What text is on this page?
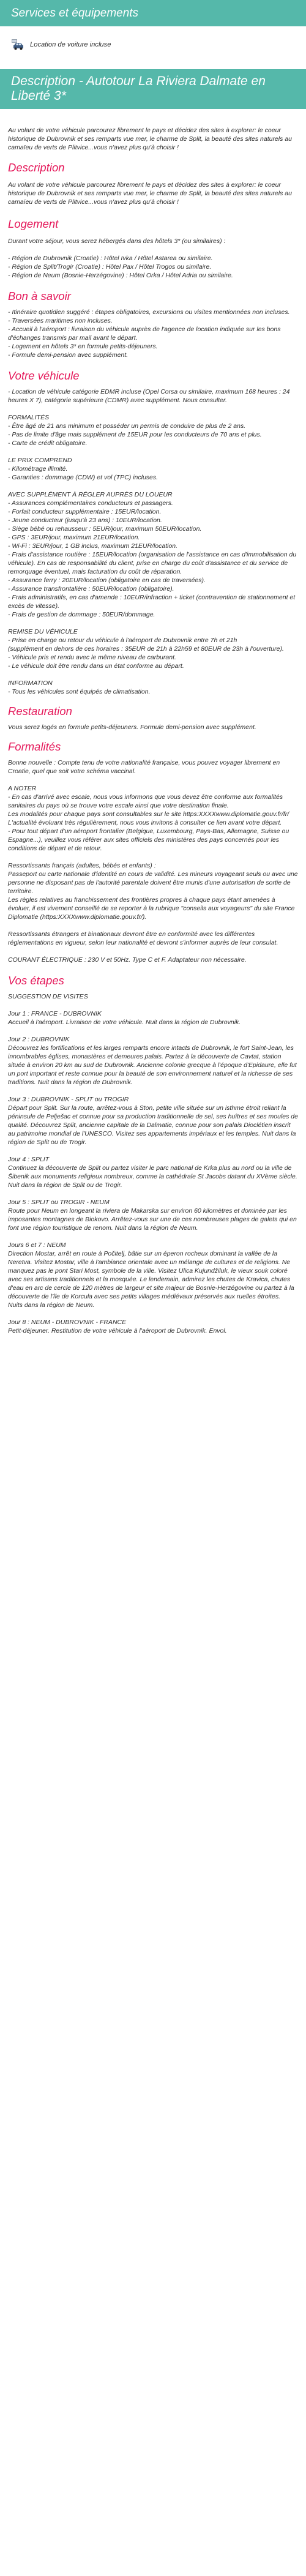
Services et équipements
Location de voiture incluse
Description - Autotour La Riviera Dalmate en Liberté 3*

Au volant de votre véhicule parcourez librement le pays et décidez des sites à explorer: le coeur historique de Dubrovnik et ses remparts vue mer, le charme de Split, la beauté des sites naturels au camaïeu de verts de Plitvice...vous n'avez plus qu'à choisir !

Description

Au volant de votre véhicule parcourez librement le pays et décidez des sites à explorer: le coeur historique de Dubrovnik et ses remparts vue mer, le charme de Split, la beauté des sites naturels au camaïeu de verts de Plitvice...vous n'avez plus qu'à choisir !

Logement
Durant votre séjour, vous serez hébergés dans des hôtels 3* (ou similaires) :

- Région de Dubrovnik (Croatie) : Hôtel Ivka / Hôtel Astarea ou similaire.
- Région de Split/Trogir (Croatie) : Hôtel Pax / Hôtel Trogos ou similaire.
- Région de Neum (Bosnie-Herzégovine) : Hôtel Orka / Hôtel Adria ou similaire.
Bon à savoir
- Itinéraire quotidien suggéré : étapes obligatoires, excursions ou visites mentionnées non incluses.
- Traversées maritimes non incluses.
- Accueil à l'aéroport : livraison du véhicule auprès de l'agence de location indiquée sur les bons d'échanges transmis par mail avant le départ.
- Logement en hôtels 3* en formule petits-déjeuners.
- Formule demi-pension avec supplément.
Votre véhicule
- Location de véhicule catégorie EDMR incluse (Opel Corsa ou similaire, maximum 168 heures : 24 heures X 7), catégorie supérieure (CDMR) avec supplément. Nous consulter.

FORMALITÉS
- Être âgé de 21 ans minimum et posséder un permis de conduire de plus de 2 ans.
- Pas de limite d'âge mais supplément de 15EUR pour les conducteurs de 70 ans et plus.
- Carte de crédit obligatoire.

LE PRIX COMPREND
- Kilométrage illimité.
- Garanties : dommage (CDW) et vol (TPC) incluses.

AVEC SUPPLÉMENT À RÉGLER AUPRÈS DU LOUEUR
- Assurances complémentaires conducteurs et passagers.
- Forfait conducteur supplémentaire : 15EUR/location.
- Jeune conducteur (jusqu'à 23 ans) : 10EUR/location.
- Siège bébé ou rehausseur : 5EUR/jour, maximum 50EUR/location.
- GPS : 3EUR/jour, maximum 21EUR/location.
- Wi-Fi : 3EUR/jour, 1 GB inclus, maximum 21EUR/location.
- Frais d'assistance routière : 15EUR/location (organisation de l'assistance en cas d'immobilisation du véhicule). En cas de responsabilité du client, prise en charge du coût d'assistance et du service de remorquage éventuel, mais facturation du coût de réparation.
- Assurance ferry : 20EUR/location (obligatoire en cas de traversées).
- Assurance transfrontalière : 50EUR/location (obligatoire).
- Frais administratifs, en cas d'amende : 10EUR/infraction + ticket (contravention de stationnement et excès de vitesse).
- Frais de gestion de dommage : 50EUR/dommage.

REMISE DU VÉHICULE
- Prise en charge ou retour du véhicule à l'aéroport de Dubrovnik entre 7h et 21h
(supplément en dehors de ces horaires : 35EUR de 21h à 22h59 et 80EUR de 23h à l'ouverture).
- Véhicule pris et rendu avec le même niveau de carburant.
- Le véhicule doit être rendu dans un état conforme au départ.

INFORMATION
- Tous les véhicules sont équipés de climatisation.
Restauration
Vous serez logés en formule petits-déjeuners. Formule demi-pension avec supplément.
Formalités
Bonne nouvelle : Compte tenu de votre nationalité française, vous pouvez voyager librement en Croatie, quel que soit votre schéma vaccinal.

A NOTER
- En cas d'arrivé avec escale, nous vous informons que vous devez être conforme aux formalités sanitaires du pays où se trouve votre escale ainsi que votre destination finale.
Les modalités pour chaque pays sont consultables sur le site https:XXXXwww.diplomatie.gouv.fr/fr/ L'actualité évoluant très régulièrement, nous vous invitons à consulter ce lien avant votre départ.
- Pour tout départ d'un aéroport frontalier (Belgique, Luxembourg, Pays-Bas, Allemagne, Suisse ou Espagne...), veuillez vous référer aux sites officiels des ministères des pays concernés pour les conditions de départ et de retour.

Ressortissants français (adultes, bébés et enfants) :
Passeport ou carte nationale d'identité en cours de validité. Les mineurs voyageant seuls ou avec une personne ne disposant pas de l'autorité parentale doivent être munis d'une autorisation de sortie de territoire.
Les règles relatives au franchissement des frontières propres à chaque pays étant amenées à évoluer, il est vivement conseillé de se reporter à la rubrique "conseils aux voyageurs" du site France Diplomatie (https:XXXXwww.diplomatie.gouv.fr/).

Ressortissants étrangers et binationaux devront être en conformité avec les différentes réglementations en vigueur, selon leur nationalité et devront s'informer auprès de leur consulat.

COURANT ÉLECTRIQUE : 230 V et 50Hz. Type C et F. Adaptateur non nécessaire.
Vos étapes
SUGGESTION DE VISITES

Jour 1 : FRANCE - DUBROVNIK
Accueil à l'aéroport. Livraison de votre véhicule. Nuit dans la région de Dubrovnik.

Jour 2 : DUBROVNIK
Découvrez les fortifications et les larges remparts encore intacts de Dubrovnik, le fort Saint-Jean, les innombrables églises, monastères et demeures palais. Partez à la découverte de Cavtat, station située à environ 20 km au sud de Dubrovnik. Ancienne colonie grecque à l'époque d'Epidaure, elle fut un port important et reste connue pour la beauté de son environnement naturel et la richesse de ses traditions. Nuit dans la région de Dubrovnik.

Jour 3 : DUBROVNIK - SPLIT ou TROGIR
Départ pour Split. Sur la route, arrêtez-vous à Ston, petite ville située sur un isthme étroit reliant la péninsule de Pelješac et connue pour sa production traditionnelle de sel, ses huîtres et ses moules de qualité. Découvrez Split, ancienne capitale de la Dalmatie, connue pour son palais Dioclétien inscrit au patrimoine mondial de l'UNESCO. Visitez ses appartements impériaux et les temples. Nuit dans la région de Split ou de Trogir.

Jour 4 : SPLIT
Continuez la découverte de Split ou partez visiter le parc national de Krka plus au nord ou la ville de Šibenik aux monuments religieux nombreux, comme la cathédrale St Jacobs datant du XVème siècle. Nuit dans la région de Split ou de Trogir.

Jour 5 : SPLIT ou TROGIR - NEUM
Route pour Neum en longeant la riviera de Makarska sur environ 60 kilomètres et dominée par les imposantes montagnes de Biokovo. Arrêtez-vous sur une de ces nombreuses plages de galets qui en font une région touristique de renom. Nuit dans la région de Neum.

Jours 6 et 7 : NEUM
Direction Mostar, arrêt en route à Počitelj, bâtie sur un éperon rocheux dominant la vallée de la Neretva. Visitez Mostar, ville à l'ambiance orientale avec un mélange de cultures et de religions. Ne manquez pas le pont Stari Most, symbole de la ville. Visitez Ulica Kujundžiluk, le vieux souk coloré avec ses artisans traditionnels et la mosquée. Le lendemain, admirez les chutes de Kravica, chutes d'eau en arc de cercle de 120 mètres de largeur et site majeur de Bosnie-Herzégovine ou partez à la découverte de l'île de Korcula avec ses petits villages médiévaux préservés aux ruelles étroites.
Nuits dans la région de Neum.

Jour 8 : NEUM - DUBROVNIK - FRANCE
Petit-déjeuner. Restitution de votre véhicule à l'aéroport de Dubrovnik. Envol.
